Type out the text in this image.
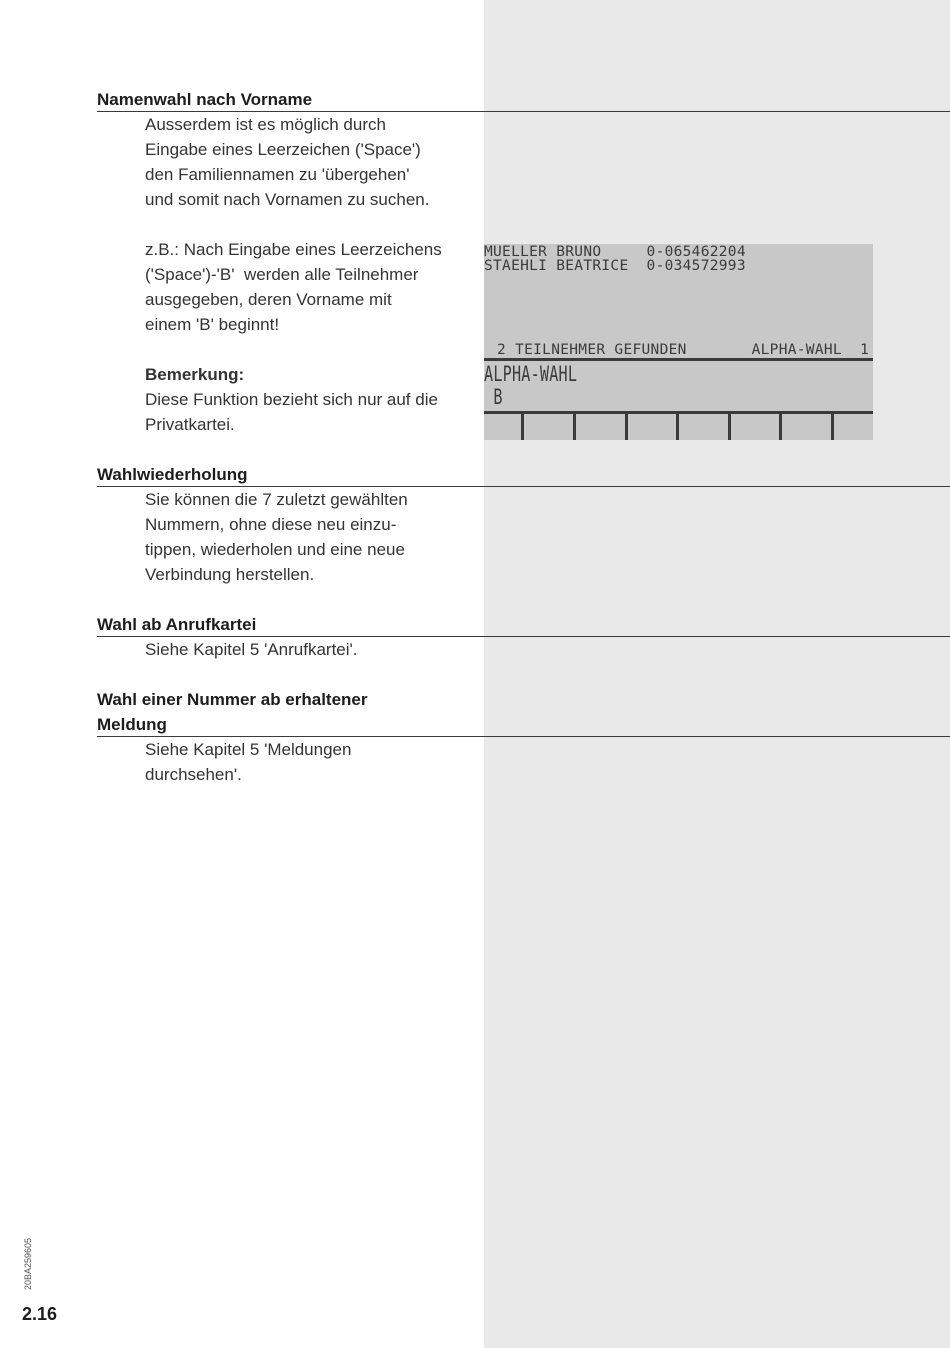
Namenwahl nach Vorname
Ausserdem ist es möglich durch
Eingabe eines Leerzeichen ('Space')
den Familiennamen zu 'übergehen'
und somit nach Vornamen zu suchen.
z.B.: Nach Eingabe eines Leerzeichens
('Space')-'B'  werden alle Teilnehmer
ausgegeben, deren Vorname mit
einem 'B' beginnt!
Bemerkung:
Diese Funktion bezieht sich nur auf die
Privatkartei.
MUELLER BRUNO     0-065462204
STAEHLI BEATRICE  0-034572993
2 TEILNEHMER GEFUNDEN	ALPHA-WAHL  1
ALPHA-WAHL
B
Wahlwiederholung
Sie können die 7 zuletzt gewählten
Nummern, ohne diese neu einzu-
tippen, wiederholen und eine neue
Verbindung herstellen.
Wahl ab Anrufkartei
Siehe Kapitel 5 'Anrufkartei'.
Wahl einer Nummer ab erhaltener
Meldung
Siehe Kapitel 5 'Meldungen
durchsehen'.
20BA259605
2.16
